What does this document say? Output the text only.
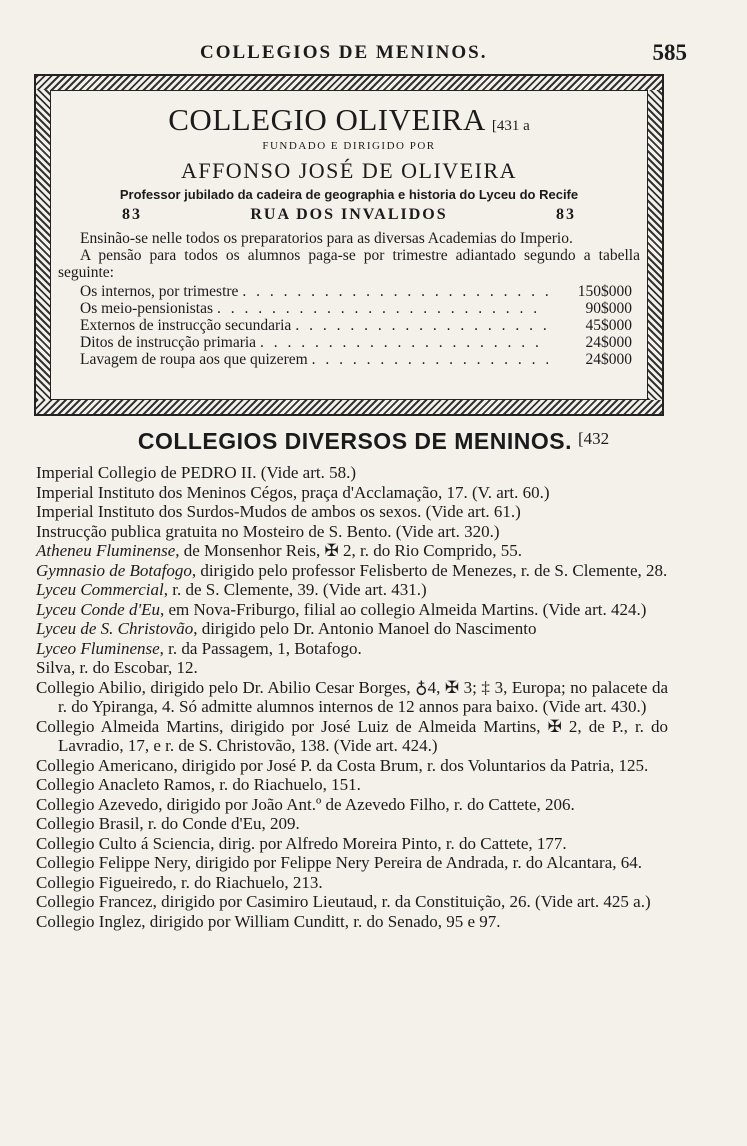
COLLEGIOS DE MENINOS.	585
COLLEGIO OLIVEIRA [431 a
FUNDADO E DIRIGIDO POR
AFFONSO JOSÉ DE OLIVEIRA
Professor jubilado da cadeira de geographia e historia do Lyceu do Recife
83	RUA DOS INVALIDOS	83

Ensinão-se nelle todos os preparatorios para as diversas Academias do Imperio.

A pensão para todos os alumnos paga-se por trimestre adiantado segundo a tabella seguinte:

Os internos, por trimestre . . .	150$000
Os meio-pensionistas . . .	90$000
Externos de instrucção secundaria . . .	45$000
Ditos de instrucção primaria . . .	24$000
Lavagem de roupa aos que quizerem . . .	24$000
COLLEGIOS DIVERSOS DE MENINOS. [432

Imperial Collegio de PEDRO II. (Vide art. 58.)

Imperial Instituto dos Meninos Cégos, praça d'Acclamação, 17. (V. art. 60.)

Imperial Instituto dos Surdos-Mudos de ambos os sexos. (Vide art. 61.)

Instrucção publica gratuita no Mosteiro de S. Bento. (Vide art. 320.)

Atheneu Fluminense, de Monsenhor Reis, ✠ 2, r. do Rio Comprido, 55.

Gymnasio de Botafogo, dirigido pelo professor Felisberto de Menezes, r. de S. Clemente, 28.

Lyceu Commercial, r. de S. Clemente, 39. (Vide art. 431.)

Lyceu Conde d'Eu, em Nova-Friburgo, filial ao collegio Almeida Martins. (Vide art. 424.)

Lyceu de S. Christovão, dirigido pelo Dr. Antonio Manoel do Nascimento

Lyceo Fluminense, r. da Passagem, 1, Botafogo.

Silva, r. do Escobar, 12.

Collegio Abilio, dirigido pelo Dr. Abilio Cesar Borges, ♁4, ✠ 3; ‡ 3, Europa; no palacete da r. do Ypiranga, 4. Só admitte alumnos internos de 12 annos para baixo. (Vide art. 430.)

Collegio Almeida Martins, dirigido por José Luiz de Almeida Martins, ✠ 2, de P., r. do Lavradio, 17, e r. de S. Christovão, 138. (Vide art. 424.)

Collegio Americano, dirigido por José P. da Costa Brum, r. dos Voluntarios da Patria, 125.

Collegio Anacleto Ramos, r. do Riachuelo, 151.

Collegio Azevedo, dirigido por João Ant.º de Azevedo Filho, r. do Cattete, 206.

Collegio Brasil, r. do Conde d'Eu, 209.

Collegio Culto á Sciencia, dirig. por Alfredo Moreira Pinto, r. do Cattete, 177.

Collegio Felippe Nery, dirigido por Felippe Nery Pereira de Andrada, r. do Alcantara, 64.

Collegio Figueiredo, r. do Riachuelo, 213.

Collegio Francez, dirigido por Casimiro Lieutaud, r. da Constituição, 26. (Vide art. 425 a.)

Collegio Inglez, dirigido por William Cunditt, r. do Senado, 95 e 97.
